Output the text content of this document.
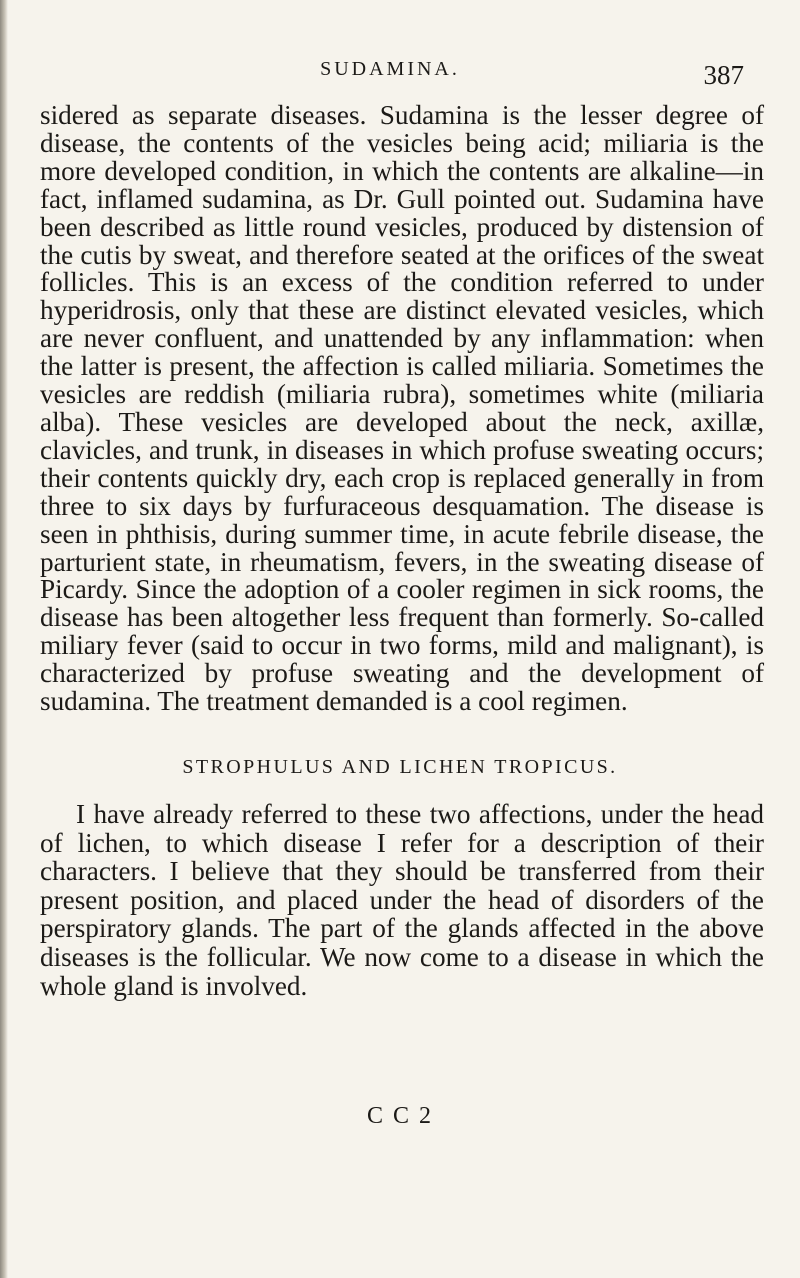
SUDAMINA.	387

sidered as separate diseases. Sudamina is the lesser degree of disease, the contents of the vesicles being acid; miliaria is the more developed condition, in which the contents are alkaline—in fact, inflamed sudamina, as Dr. Gull pointed out. Sudamina have been described as little round vesicles, produced by distension of the cutis by sweat, and therefore seated at the orifices of the sweat follicles. This is an excess of the condition referred to under hyperidrosis, only that these are distinct elevated vesicles, which are never confluent, and unattended by any inflammation: when the latter is present, the affection is called miliaria. Sometimes the vesicles are reddish (miliaria rubra), sometimes white (miliaria alba). These vesicles are developed about the neck, axillæ, clavicles, and trunk, in diseases in which profuse sweating occurs; their contents quickly dry, each crop is replaced generally in from three to six days by furfuraceous desquamation. The disease is seen in phthisis, during summer time, in acute febrile disease, the parturient state, in rheumatism, fevers, in the sweating disease of Picardy. Since the adoption of a cooler regimen in sick rooms, the disease has been altogether less frequent than formerly. So-called miliary fever (said to occur in two forms, mild and malignant), is characterized by profuse sweating and the development of sudamina. The treatment demanded is a cool regimen.

STROPHULUS AND LICHEN TROPICUS.

I have already referred to these two affections, under the head of lichen, to which disease I refer for a description of their characters. I believe that they should be transferred from their present position, and placed under the head of disorders of the perspiratory glands. The part of the glands affected in the above diseases is the follicular. We now come to a disease in which the whole gland is involved.

C C 2
